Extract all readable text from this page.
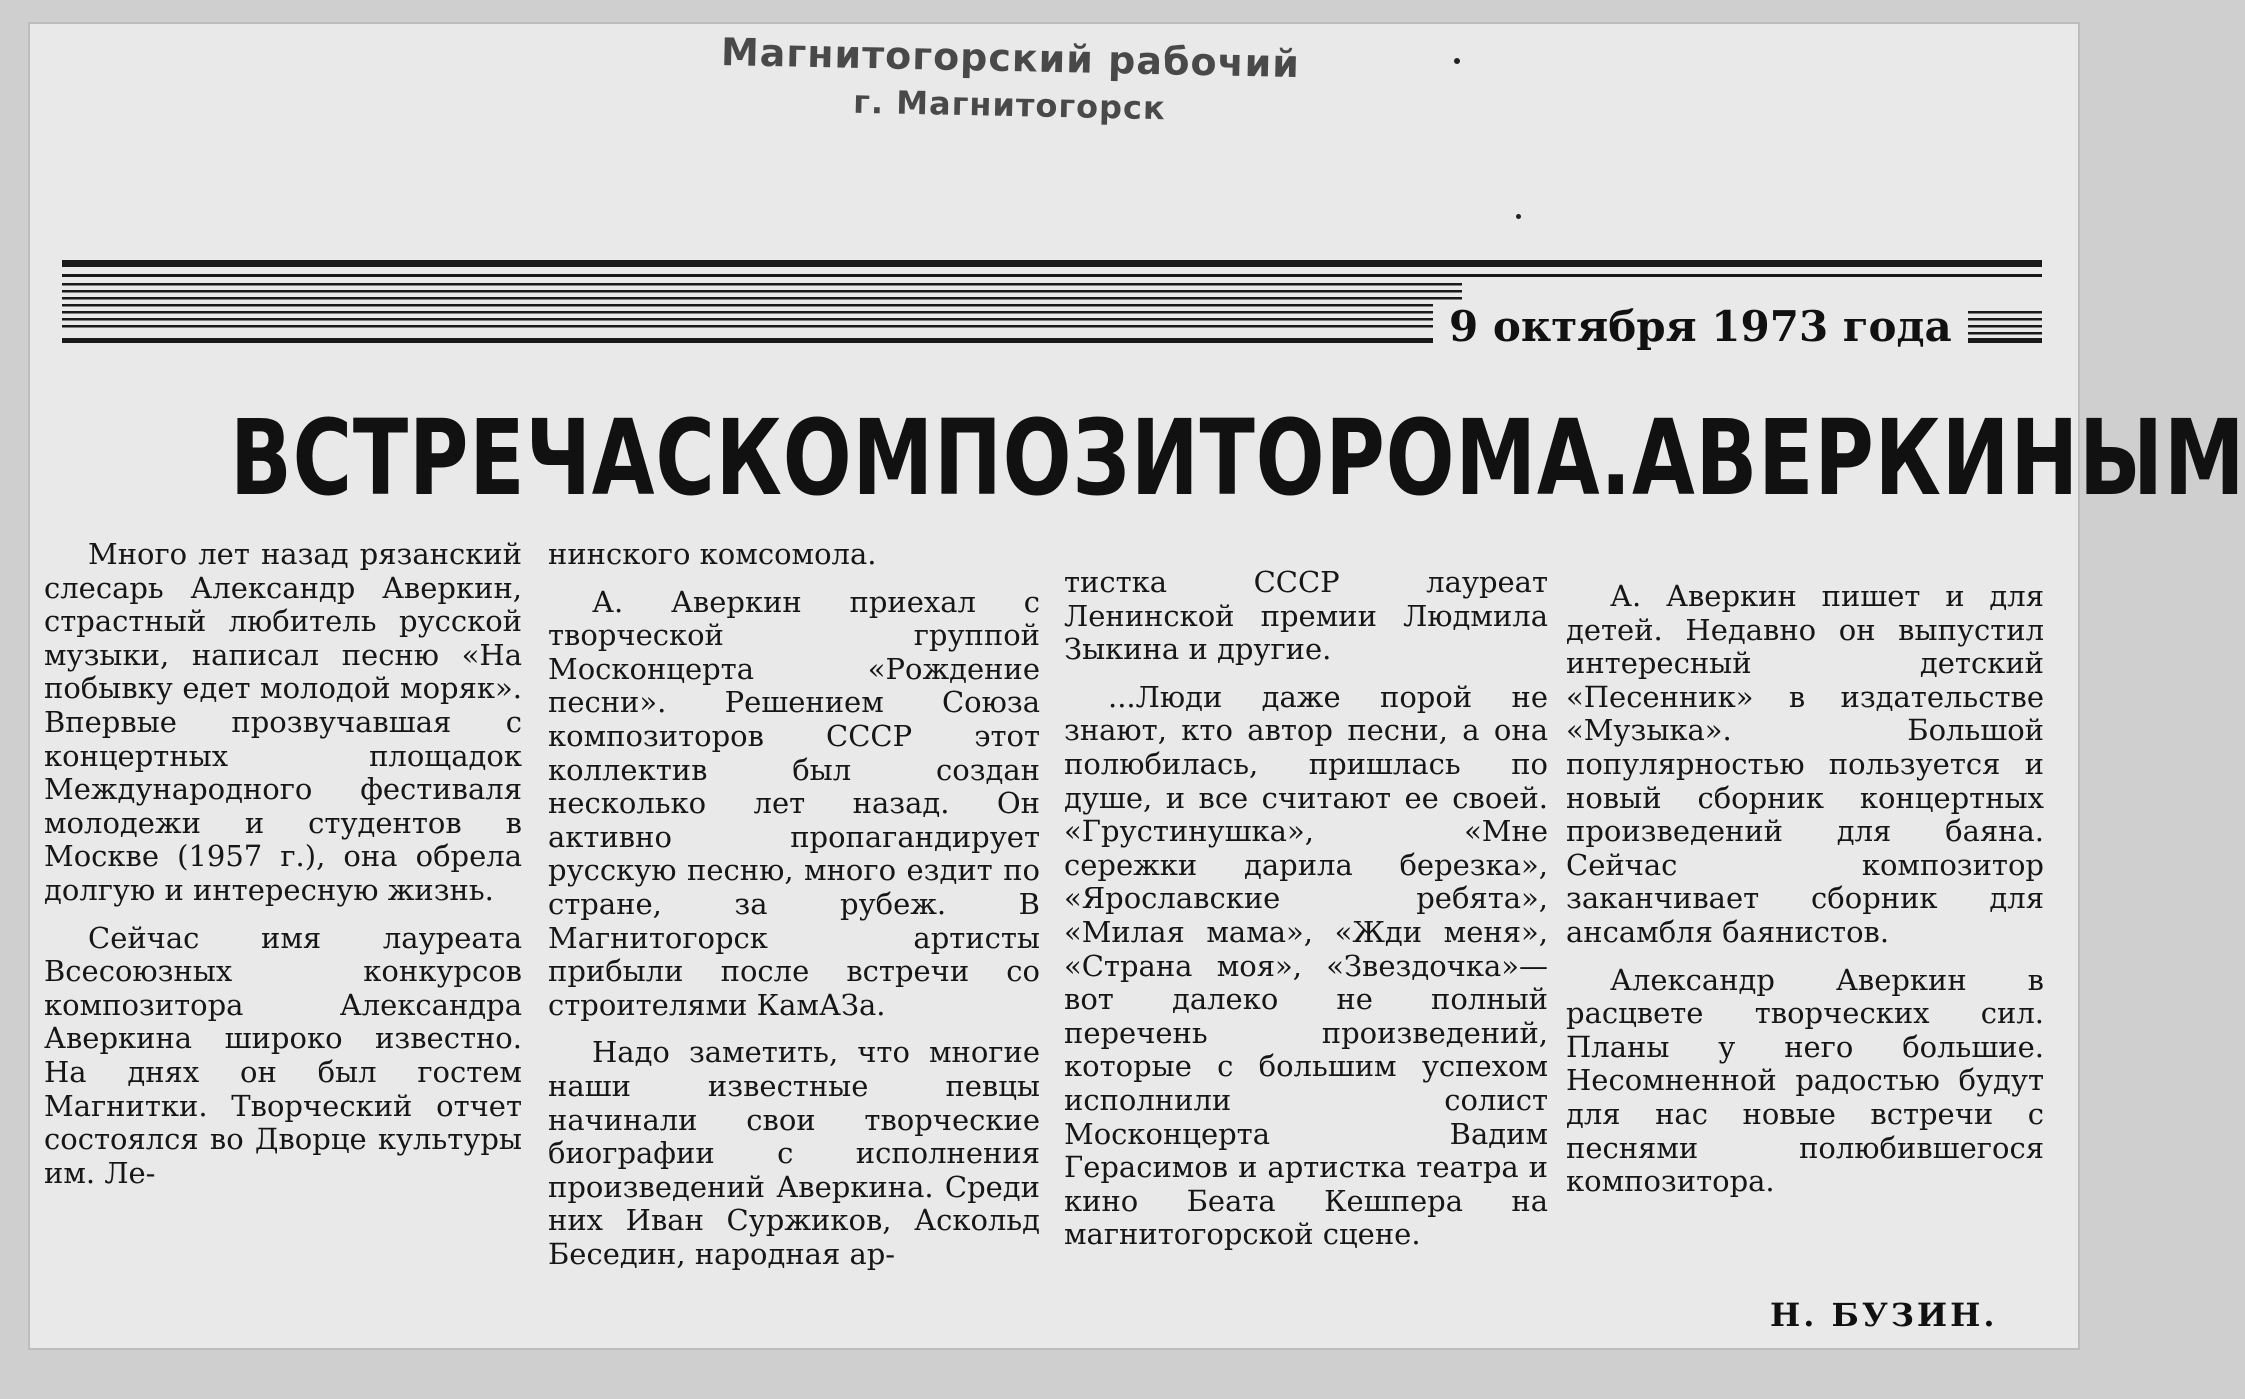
Магнитогорский рабочий
г. Магнитогорск
9 октября 1973 года
ВСТРЕЧА С КОМПОЗИТОРОМ А. АВЕРКИНЫМ

Много лет назад рязанский слесарь Александр Аверкин, страстный любитель русской музыки, написал песню «На побывку едет молодой моряк». Впервые прозвучавшая с концертных площадок Международного фестиваля молодежи и студентов в Москве (1957 г.), она обрела долгую и интересную жизнь.

Сейчас имя лауреата Всесоюзных конкурсов композитора Александра Аверкина широко известно. На днях он был гостем Магнитки. Творческий отчет состоялся во Дворце культуры им. Ле-

нинского комсомола.

А. Аверкин приехал с творческой группой Москонцерта «Рождение песни». Решением Союза композиторов СССР этот коллектив был создан несколько лет назад. Он активно пропагандирует русскую песню, много ездит по стране, за рубеж. В Магнитогорск артисты прибыли после встречи со строителями КамАЗа.

Надо заметить, что многие наши известные певцы начинали свои творческие биографии с исполнения произведений Аверкина. Среди них Иван Суржиков, Аскольд Беседин, народная ар-

тистка СССР лауреат Ленинской премии Людмила Зыкина и другие.

...Люди даже порой не знают, кто автор песни, а она полюбилась, пришлась по душе, и все считают ее своей. «Грустинушка», «Мне сережки дарила березка», «Ярославские ребята», «Милая мама», «Жди меня», «Страна моя», «Звездочка»— вот далеко не полный перечень произведений, которые с большим успехом исполнили солист Москонцерта Вадим Герасимов и артистка театра и кино Беата Кешпера на магнитогорской сцене.

А. Аверкин пишет и для детей. Недавно он выпустил интересный детский «Песенник» в издательстве «Музыка». Большой популярностью пользуется и новый сборник концертных произведений для баяна. Сейчас композитор заканчивает сборник для ансамбля баянистов.

Александр Аверкин в расцвете творческих сил. Планы у него большие. Несомненной радостью будут для нас новые встречи с песнями полюбившегося композитора.

Н. БУЗИН.
